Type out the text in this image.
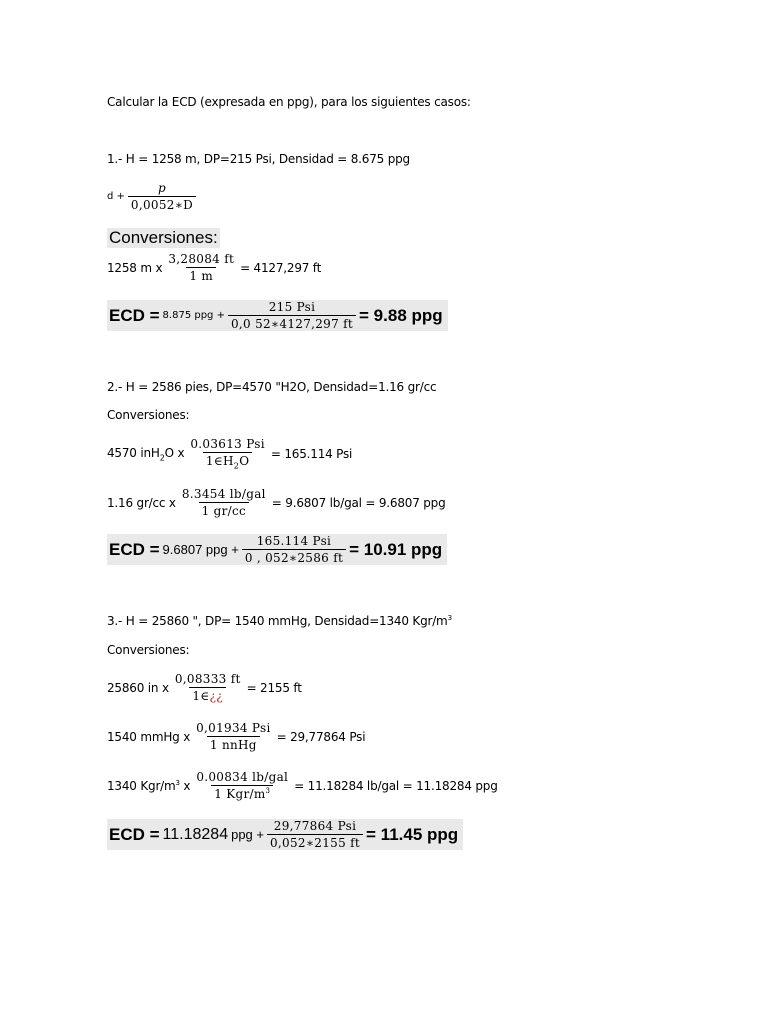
Calcular la ECD (expresada en ppg), para los siguientes casos:
1.- H = 1258 m, DP=215 Psi, Densidad = 8.675 ppg
$d + \frac{p}{0,0052∗D}$
Conversiones:
1258 m x $\frac{3,28084 ft}{1 m} = 4127,297$ ft
ECD = 8.875 ppg + $\frac{\text{215 Psi}}{0,0 52∗4127,297 ft} = 9.88$ ppg
2.- H = 2586 pies, DP=4570 "H2O, Densidad=1.16 gr/cc
Conversiones:
4570 inH$_2$O x $\frac{\text{0.03613 Psi}}{1\in H_2O} = 165.114$ Psi
1.16 gr/cc x $\frac{\text{8.3454 lb/gal}}{1 gr/cc} = 9.6807$ lb/gal = 9.6807 ppg
ECD = 9.6807 ppg + $\frac{\text{165.114 Psi}}{0 , 052∗2586 ft} = 10.91$ ppg
3.- H = 25860 ", DP= 1540 mmHg, Densidad=1340 Kgr/$m^3$
Conversiones:
25860 in x $\frac{0,08333 ft}{1\in¿¿} = 2155$ ft
1540 mmHg x $\frac{\text{0,01934 Psi}}{\text{1 nnHg}} = 29,77864$ Psi
1340 Kgr/$m^3$ x $\frac{\text{0.00834 lb/gal}}{1 Kgr/m^3} = 11.18284$ lb/gal = 11.18284 ppg
ECD = 11.18284 ppg + $\frac{\text{29,77864 Psi}}{0,052∗2155 ft} = 11.45$ ppg
